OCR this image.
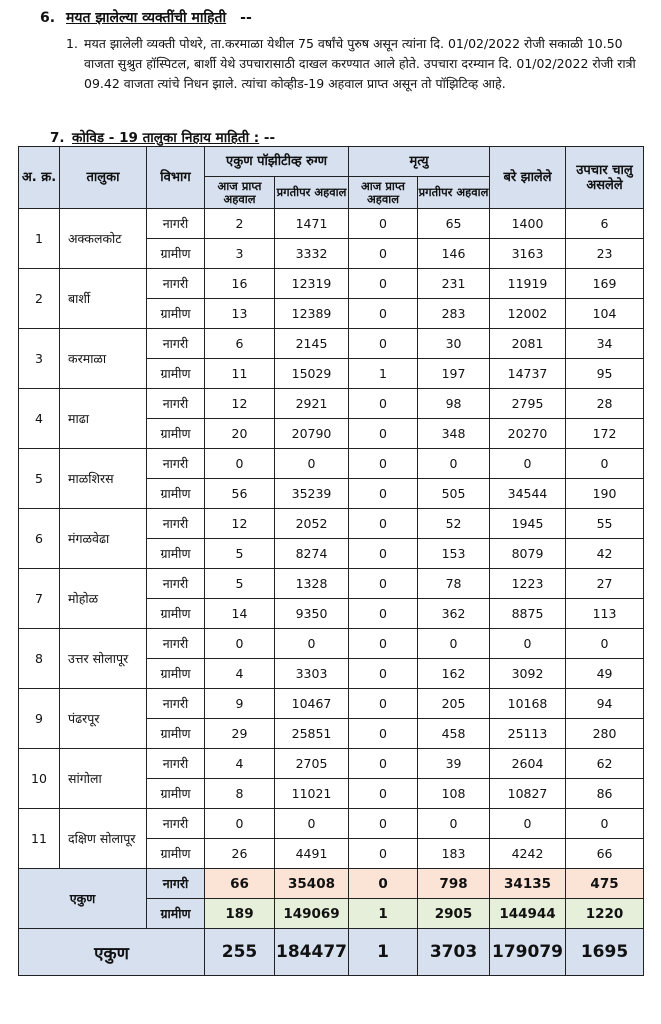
6. मयत झालेल्या व्यक्तींची माहिती --
1. मयत झालेली व्यक्ती पोथरे, ता.करमाळा येथील 75 वर्षांचे पुरुष असून त्यांना दि. 01/02/2022 रोजी सकाळी 10.50 वाजता सुश्रुत हॉस्पिटल, बार्शी येथे उपचारासाठी दाखल करण्यात आले होते. उपचारा दरम्यान दि. 01/02/2022 रोजी रात्री 09.42 वाजता त्यांचे निधन झाले. त्यांचा कोव्हीड-19 अहवाल प्राप्त असून तो पॉझिटिव्ह आहे.
7. कोविड - 19 तालुका निहाय माहिती : --
अ. क्र.	तालुका	विभाग	एकुण पॉझीटीव्ह रुग्ण		मृत्यु		बरे झालेले	उपचार चालु असलेले
			आज प्राप्त अहवाल	प्रगतीपर अहवाल	आज प्राप्त अहवाल	प्रगतीपर अहवाल		
1	अक्कलकोट	नागरी	2	1471	0	65	1400	6
		ग्रामीण	3	3332	0	146	3163	23
2	बार्शी	नागरी	16	12319	0	231	11919	169
		ग्रामीण	13	12389	0	283	12002	104
3	करमाळा	नागरी	6	2145	0	30	2081	34
		ग्रामीण	11	15029	1	197	14737	95
4	माढा	नागरी	12	2921	0	98	2795	28
		ग्रामीण	20	20790	0	348	20270	172
5	माळशिरस	नागरी	0	0	0	0	0	0
		ग्रामीण	56	35239	0	505	34544	190
6	मंगळवेढा	नागरी	12	2052	0	52	1945	55
		ग्रामीण	5	8274	0	153	8079	42
7	मोहोळ	नागरी	5	1328	0	78	1223	27
		ग्रामीण	14	9350	0	362	8875	113
8	उत्तर सोलापूर	नागरी	0	0	0	0	0	0
		ग्रामीण	4	3303	0	162	3092	49
9	पंढरपूर	नागरी	9	10467	0	205	10168	94
		ग्रामीण	29	25851	0	458	25113	280
10	सांगोला	नागरी	4	2705	0	39	2604	62
		ग्रामीण	8	11021	0	108	10827	86
11	दक्षिण सोलापूर	नागरी	0	0	0	0	0	0
		ग्रामीण	26	4491	0	183	4242	66
एकुण		नागरी	66	35408	0	798	34135	475
		ग्रामीण	189	149069	1	2905	144944	1220
एकुण			255	184477	1	3703	179079	1695
